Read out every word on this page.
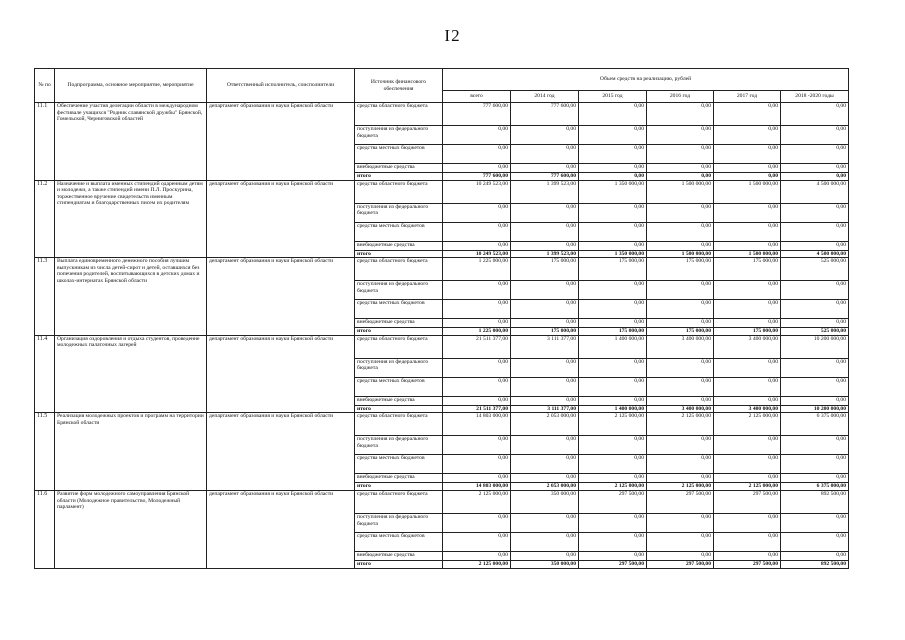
I2
№ по	Подпрограмма, основное мероприятие, мероприятие	Ответственный исполнитель, соисполнители	Источник финансового обеспечения	Объем средств на реализацию, рублей					
				всего	2014 год	2015 год	2016 год	2017 год	2018 -2020 годы
11.1	Обеспечение участия делегации области в международном фестивале учащихся "Родник славянской дружбы" Брянской, Гомельской, Черниговской областей	департамент образования и науки Брянской области	средства областного бюджета	777 600,00	777 600,00	0,00	0,00	0,00	0,00
			поступления из федерального бюджета	0,00	0,00	0,00	0,00	0,00	0,00
			средства местных бюджетов	0,00	0,00	0,00	0,00	0,00	0,00
			внебюджетные средства	0,00	0,00	0,00	0,00	0,00	0,00
			итого	777 600,00	777 600,00	0,00	0,00	0,00	0,00
11.2	Назначение и выплата именных стипендий одаренным детям и молодежи, а также стипендий имени П.Л. Проскурина, торжественное вручение свидетельств именным стипендиатам и благодарственных писем их родителям	департамент образования и науки Брянской области	средства областного бюджета	10 249 523,00	1 399 523,00	1 350 000,00	1 500 000,00	1 500 000,00	4 500 000,00
			поступления из федерального бюджета	0,00	0,00	0,00	0,00	0,00	0,00
			средства местных бюджетов	0,00	0,00	0,00	0,00	0,00	0,00
			внебюджетные средства	0,00	0,00	0,00	0,00	0,00	0,00
			итого	10 249 523,00	1 399 523,00	1 350 000,00	1 500 000,00	1 500 000,00	4 500 000,00
11.3	Выплата единовременного денежного пособия лучшим выпускникам из числа детей-сирот и детей, оставшихся без попечения родителей, воспитывающихся в детских домах и школах-интернатах Брянской области	департамент образования и науки Брянской области	средства областного бюджета	1 225 000,00	175 000,00	175 000,00	175 000,00	175 000,00	525 000,00
			поступления из федерального бюджета	0,00	0,00	0,00	0,00	0,00	0,00
			средства местных бюджетов	0,00	0,00	0,00	0,00	0,00	0,00
			внебюджетные средства	0,00	0,00	0,00	0,00	0,00	0,00
			итого	1 225 000,00	175 000,00	175 000,00	175 000,00	175 000,00	525 000,00
11.4	Организация оздоровления и отдыха студентов, проведение молодежных палаточных лагерей	департамент образования и науки Брянской области	средства областного бюджета	21 511 377,00	3 111 377,00	1 400 000,00	3 400 000,00	3 400 000,00	10 200 000,00
			поступления из федерального бюджета	0,00	0,00	0,00	0,00	0,00	0,00
			средства местных бюджетов	0,00	0,00	0,00	0,00	0,00	0,00
			внебюджетные средства	0,00	0,00	0,00	0,00	0,00	0,00
			итого	21 511 377,00	3 111 377,00	1 400 000,00	3 400 000,00	3 400 000,00	10 200 000,00
11.5	Реализация молодежных проектов и программ на территории Брянской области	департамент образования и науки Брянской области	средства областного бюджета	14 803 000,00	2 053 000,00	2 125 000,00	2 125 000,00	2 125 000,00	6 375 000,00
			поступления из федерального бюджета	0,00	0,00	0,00	0,00	0,00	0,00
			средства местных бюджетов	0,00	0,00	0,00	0,00	0,00	0,00
			внебюджетные средства	0,00	0,00	0,00	0,00	0,00	0,00
			итого	14 803 000,00	2 053 000,00	2 125 000,00	2 125 000,00	2 125 000,00	6 375 000,00
11.6	Развитие форм молодежного самоуправления Брянской области (Молодежное правительство, Молодежный парламент)	департамент образования и науки Брянской области	средства областного бюджета	2 125 000,00	350 000,00	297 500,00	297 500,00	297 500,00	892 500,00
			поступления из федерального бюджета	0,00	0,00	0,00	0,00	0,00	0,00
			средства местных бюджетов	0,00	0,00	0,00	0,00	0,00	0,00
			внебюджетные средства	0,00	0,00	0,00	0,00	0,00	0,00
			итого	2 125 000,00	350 000,00	297 500,00	297 500,00	297 500,00	892 500,00
